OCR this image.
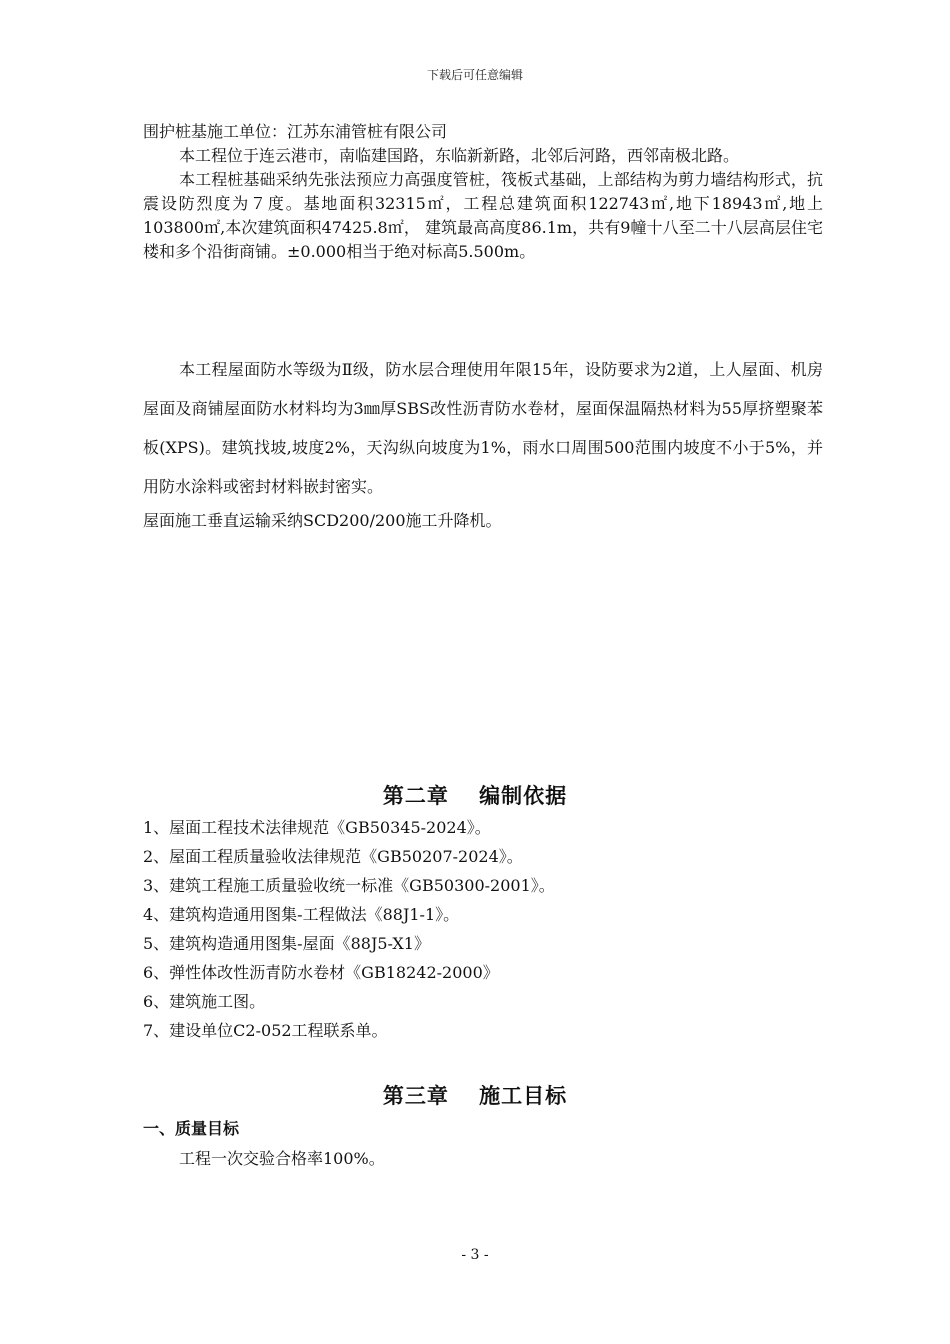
下载后可任意编辑

围护桩基施工单位：江苏东浦管桩有限公司

本工程位于连云港市，南临建国路，东临新新路，北邻后河路，西邻南极北路。

本工程桩基础采纳先张法预应力高强度管桩，筏板式基础，上部结构为剪力墙结构形式，抗震设防烈度为７度。基地面积32315㎡，工程总建筑面积122743㎡,地下18943㎡,地上103800㎡,本次建筑面积47425.8㎡， 建筑最高高度86.1m，共有9幢十八至二十八层高层住宅楼和多个沿街商铺。±0.000相当于绝对标高5.500m。

本工程屋面防水等级为Ⅱ级，防水层合理使用年限15年，设防要求为2道，上人屋面、机房屋面及商铺屋面防水材料均为3㎜厚SBS改性沥青防水卷材，屋面保温隔热材料为55厚挤塑聚苯板(XPS)。建筑找坡,坡度2%，天沟纵向坡度为1%，雨水口周围500范围内坡度不小于5%，并用防水涂料或密封材料嵌封密实。

屋面施工垂直运输采纳SCD200/200施工升降机。

第二章　 编制依据

1、屋面工程技术法律规范《GB50345-2024》。

2、屋面工程质量验收法律规范《GB50207-2024》。

3、建筑工程施工质量验收统一标准《GB50300-2001》。

4、建筑构造通用图集-工程做法《88J1-1》。

5、建筑构造通用图集-屋面《88J5-X1》

6、弹性体改性沥青防水卷材《GB18242-2000》

6、建筑施工图。

7、建设单位C2-052工程联系单。

第三章　 施工目标

一、质量目标

工程一次交验合格率100%。

- 3 -
